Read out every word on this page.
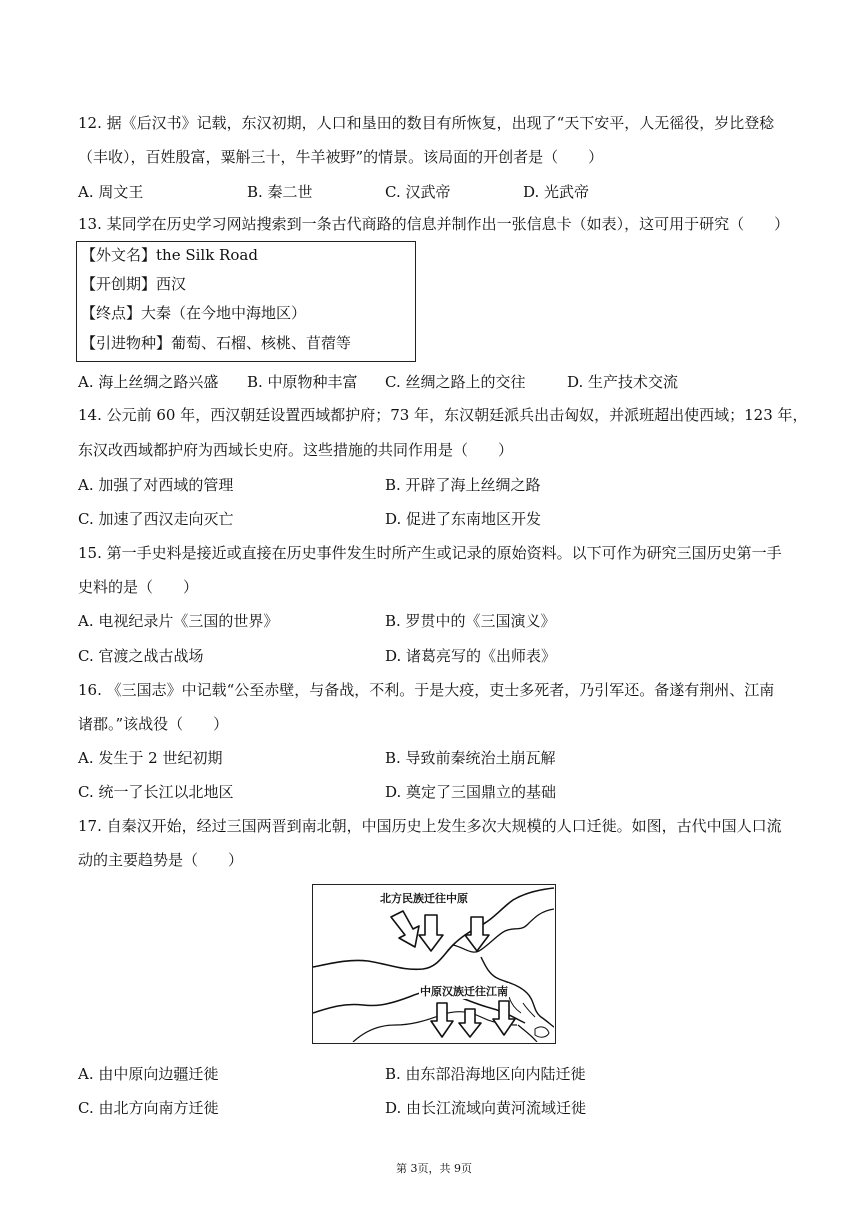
12. 据《后汉书》记载，东汉初期，人口和垦田的数目有所恢复，出现了“天下安平，人无徭役，岁比登稔
（丰收），百姓殷富，粟斛三十，牛羊被野”的情景。该局面的开创者是（　　）
A. 周文王	B. 秦二世	C. 汉武帝	D. 光武帝
13. 某同学在历史学习网站搜索到一条古代商路的信息并制作出一张信息卡（如表），这可用于研究（　　）
【外文名】the Silk Road
【开创期】西汉
【终点】大秦（在今地中海地区）
【引进物种】葡萄、石榴、核桃、苜蓿等
A. 海上丝绸之路兴盛 B. 中原物种丰富 C. 丝绸之路上的交往	D. 生产技术交流
14. 公元前 60 年，西汉朝廷设置西域都护府；73 年，东汉朝廷派兵出击匈奴，并派班超出使西域；123 年，
东汉改西域都护府为西域长史府。这些措施的共同作用是（　　）
A. 加强了对西域的管理	B. 开辟了海上丝绸之路
C. 加速了西汉走向灭亡	D. 促进了东南地区开发
15. 第一手史料是接近或直接在历史事件发生时所产生或记录的原始资料。以下可作为研究三国历史第一手
史料的是（　　）
A. 电视纪录片《三国的世界》	B. 罗贯中的《三国演义》
C. 官渡之战古战场	D. 诸葛亮写的《出师表》
16. 《三国志》中记载“公至赤壁，与备战，不利。于是大疫，吏士多死者，乃引军还。备遂有荆州、江南
诸郡。”该战役（　　）
A. 发生于 2 世纪初期	B. 导致前秦统治土崩瓦解
C. 统一了长江以北地区	D. 奠定了三国鼎立的基础
17. 自秦汉开始，经过三国两晋到南北朝，中国历史上发生多次大规模的人口迁徙。如图，古代中国人口流
动的主要趋势是（　　）
北方民族迁往中原
中原汉族迁往江南
A. 由中原向边疆迁徙	B. 由东部沿海地区向内陆迁徙
C. 由北方向南方迁徙	D. 由长江流域向黄河流域迁徙
第 3页，共 9页
